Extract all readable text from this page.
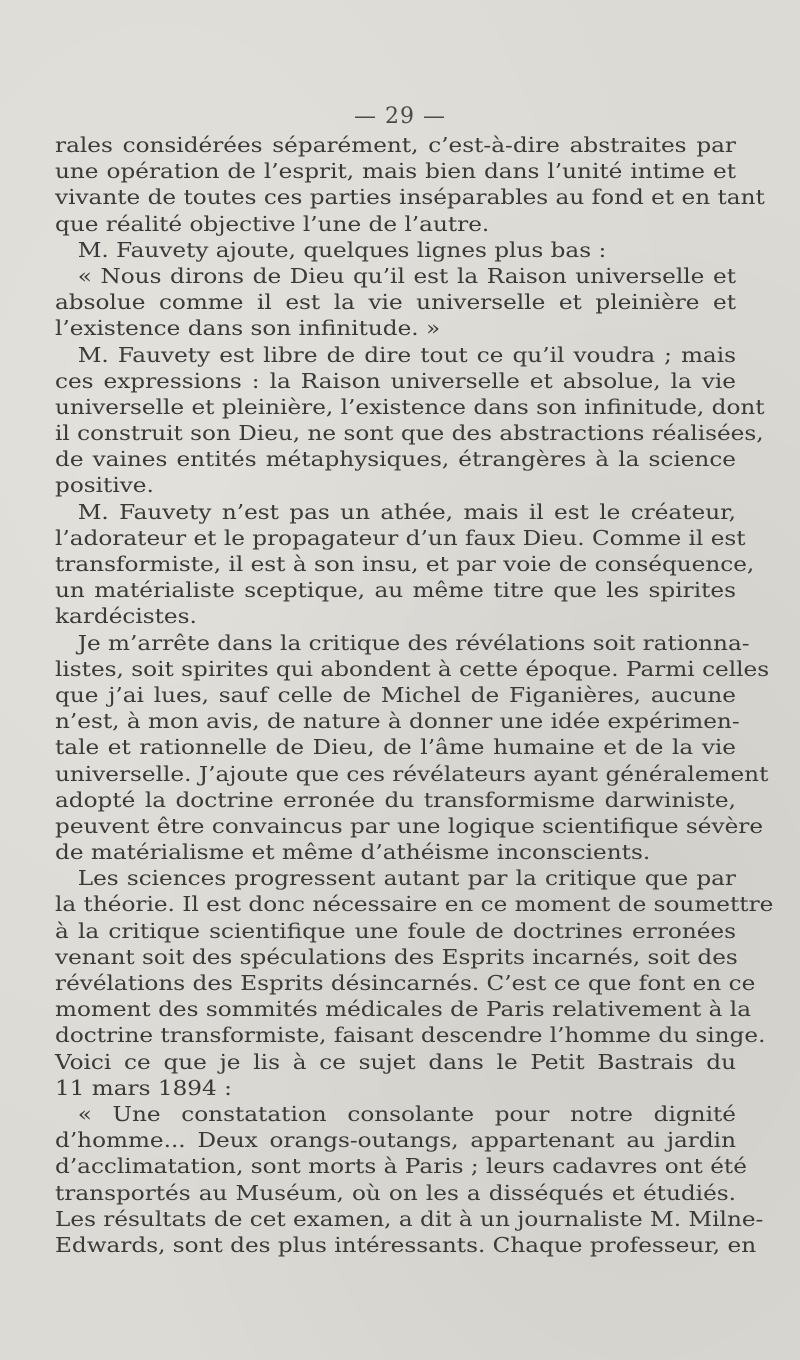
— 29 —
rales considérées séparément, c’est-à-dire abstraites par
une opération de l’esprit, mais bien dans l’unité intime et
vivante de toutes ces parties inséparables au fond et en tant
que réalité objective l’une de l’autre.
M. Fauvety ajoute, quelques lignes plus bas :
« Nous dirons de Dieu qu’il est la Raison universelle et
absolue comme il est la vie universelle et pleinière et
l’existence dans son infinitude. »
M. Fauvety est libre de dire tout ce qu’il voudra ; mais
ces expressions : la Raison universelle et absolue, la vie
universelle et pleinière, l’existence dans son infinitude, dont
il construit son Dieu, ne sont que des abstractions réalisées,
de vaines entités métaphysiques, étrangères à la science
positive.
M. Fauvety n’est pas un athée, mais il est le créateur,
l’adorateur et le propagateur d’un faux Dieu. Comme il est
transformiste, il est à son insu, et par voie de conséquence,
un matérialiste sceptique, au même titre que les spirites
kardécistes.
Je m’arrête dans la critique des révélations soit rationna-
listes, soit spirites qui abondent à cette époque. Parmi celles
que j’ai lues, sauf celle de Michel de Figanières, aucune
n’est, à mon avis, de nature à donner une idée expérimen-
tale et rationnelle de Dieu, de l’âme humaine et de la vie
universelle. J’ajoute que ces révélateurs ayant généralement
adopté la doctrine erronée du transformisme darwiniste,
peuvent être convaincus par une logique scientifique sévère
de matérialisme et même d’athéisme inconscients.
Les sciences progressent autant par la critique que par
la théorie. Il est donc nécessaire en ce moment de soumettre
à la critique scientifique une foule de doctrines erronées
venant soit des spéculations des Esprits incarnés, soit des
révélations des Esprits désincarnés. C’est ce que font en ce
moment des sommités médicales de Paris relativement à la
doctrine transformiste, faisant descendre l’homme du singe.
Voici ce que je lis à ce sujet dans le Petit Bastrais du
11 mars 1894 :
« Une constatation consolante pour notre dignité
d’homme... Deux orangs-outangs, appartenant au jardin
d’acclimatation, sont morts à Paris ; leurs cadavres ont été
transportés au Muséum, où on les a disséqués et étudiés.
Les résultats de cet examen, a dit à un journaliste M. Milne-
Edwards, sont des plus intéressants. Chaque professeur, en
